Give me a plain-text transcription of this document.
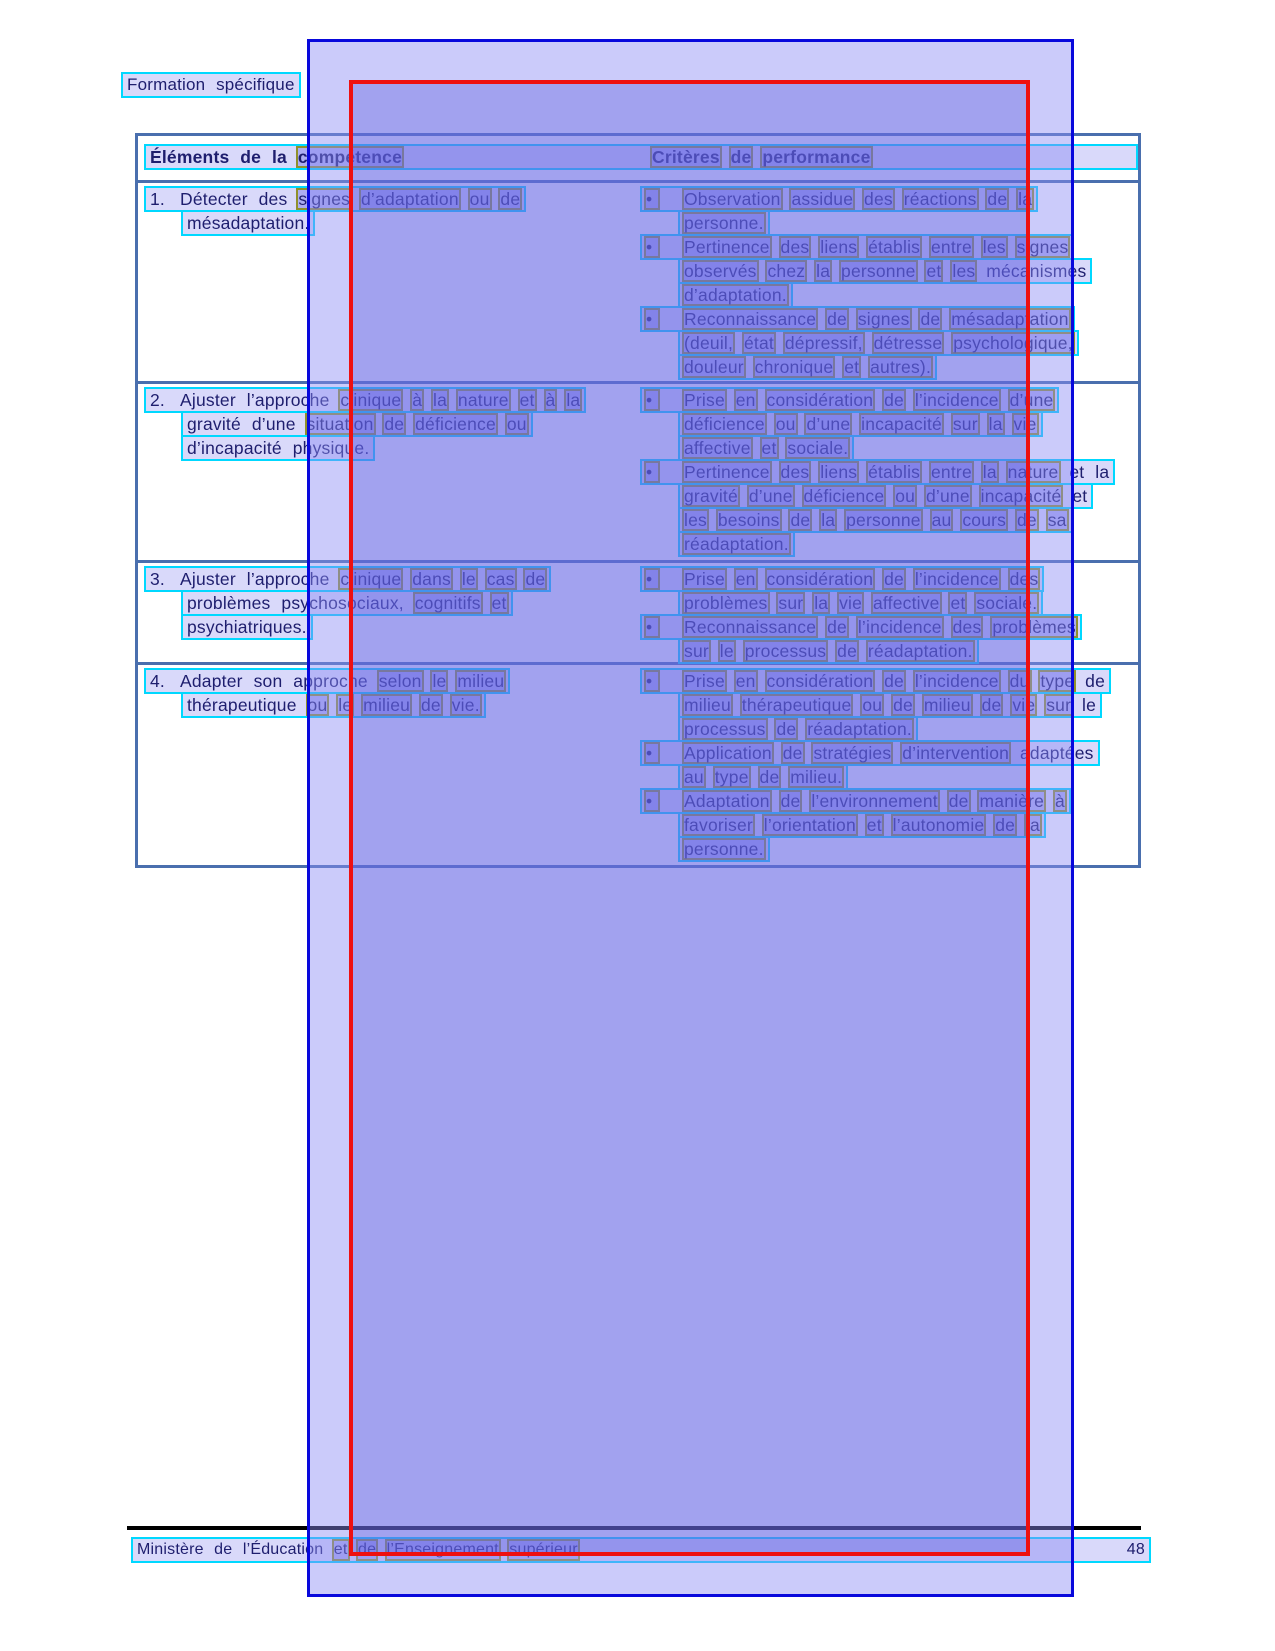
Formation spécifique
Éléments de la compétence	Critères de performance
1. Détecter des signes d’adaptation ou de
mésadaptation.
• Observation assidue des réactions de la
personne.
• Pertinence des liens établis entre les signes
observés chez la personne et les mécanismes
d’adaptation.
• Reconnaissance de signes de mésadaptation
(deuil, état dépressif, détresse psychologique,
douleur chronique et autres).
2. Ajuster l’approche clinique à la nature et à la
gravité d’une situation de déficience ou
d’incapacité physique.
• Prise en considération de l’incidence d’une
déficience ou d’une incapacité sur la vie
affective et sociale.
• Pertinence des liens établis entre la nature et la
gravité d’une déficience ou d’une incapacité et
les besoins de la personne au cours de sa
réadaptation.
3. Ajuster l’approche clinique dans le cas de
problèmes psychosociaux, cognitifs et
psychiatriques.
• Prise en considération de l’incidence des
problèmes sur la vie affective et sociale.
• Reconnaissance de l’incidence des problèmes
sur le processus de réadaptation.
4. Adapter son approche selon le milieu
thérapeutique ou le milieu de vie.
• Prise en considération de l’incidence du type de
milieu thérapeutique ou de milieu de vie sur le
processus de réadaptation.
• Application de stratégies d’intervention adaptées
au type de milieu.
• Adaptation de l’environnement de manière à
favoriser l’orientation et l’autonomie de la
personne.
Ministère de l’Éducation et de l’Enseignement supérieur	48
